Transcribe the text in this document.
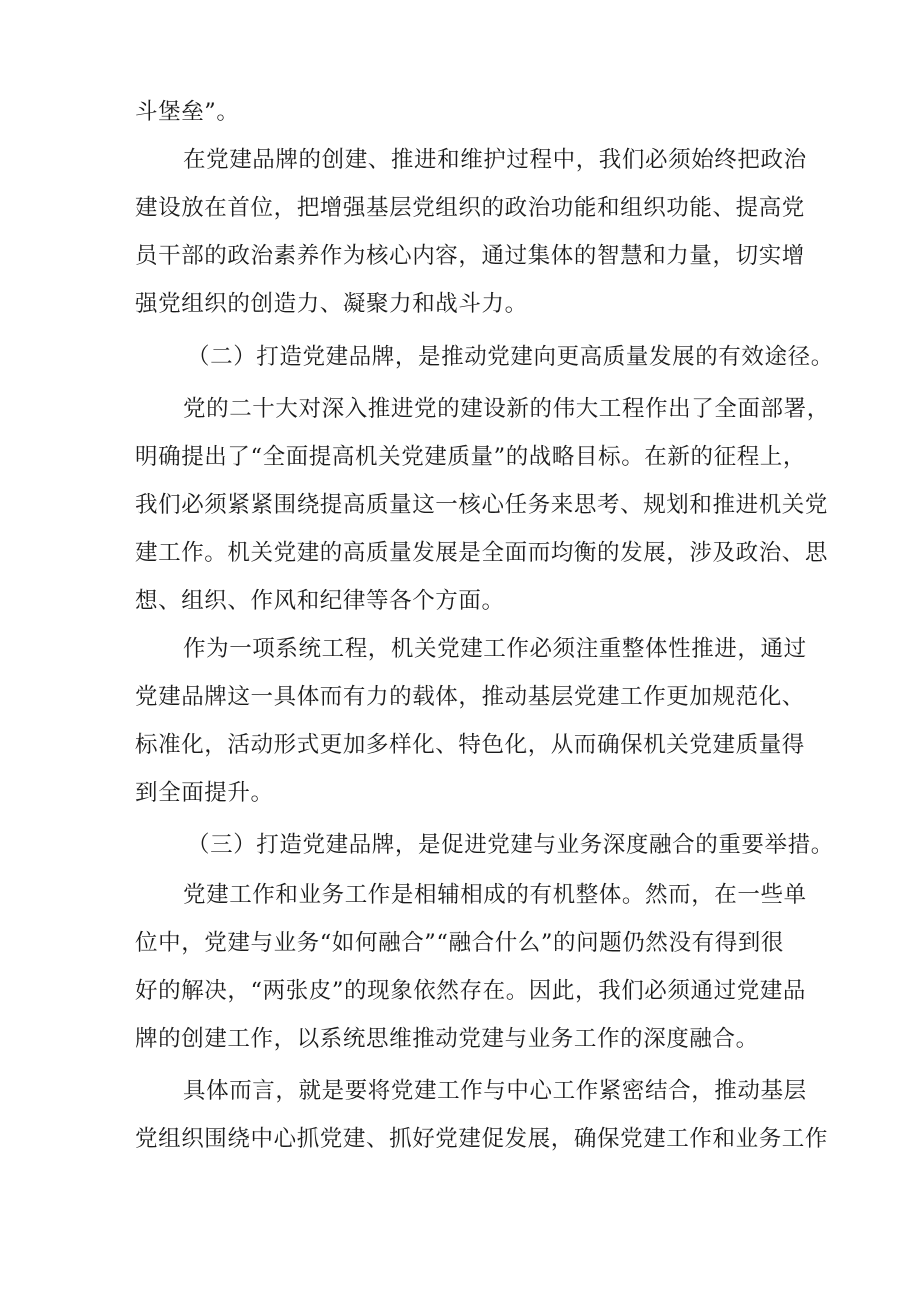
斗堡垒”。
在党建品牌的创建、推进和维护过程中，我们必须始终把政治
建设放在首位，把增强基层党组织的政治功能和组织功能、提高党
员干部的政治素养作为核心内容，通过集体的智慧和力量，切实增
强党组织的创造力、凝聚力和战斗力。
（二）打造党建品牌，是推动党建向更高质量发展的有效途径。
党的二十大对深入推进党的建设新的伟大工程作出了全面部署，
明确提出了“全面提高机关党建质量”的战略目标。在新的征程上，
我们必须紧紧围绕提高质量这一核心任务来思考、规划和推进机关党
建工作。机关党建的高质量发展是全面而均衡的发展，涉及政治、思
想、组织、作风和纪律等各个方面。
作为一项系统工程，机关党建工作必须注重整体性推进，通过
党建品牌这一具体而有力的载体，推动基层党建工作更加规范化、
标准化，活动形式更加多样化、特色化，从而确保机关党建质量得
到全面提升。
（三）打造党建品牌，是促进党建与业务深度融合的重要举措。
党建工作和业务工作是相辅相成的有机整体。然而，在一些单
位中，党建与业务“如何融合”“融合什么”的问题仍然没有得到很
好的解决，“两张皮”的现象依然存在。因此，我们必须通过党建品
牌的创建工作，以系统思维推动党建与业务工作的深度融合。
具体而言，就是要将党建工作与中心工作紧密结合，推动基层
党组织围绕中心抓党建、抓好党建促发展，确保党建工作和业务工作
